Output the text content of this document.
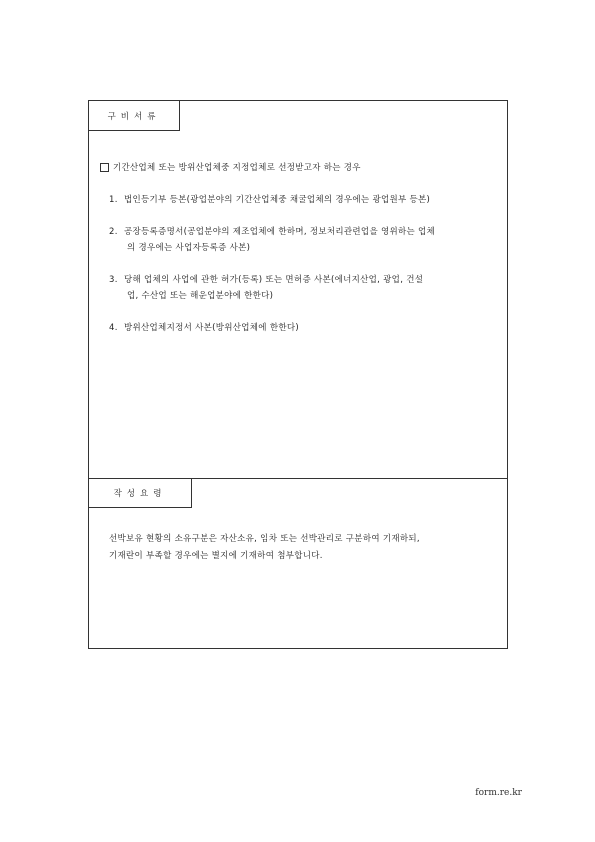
구비서류
기간산업체 또는 방위산업체중 지정업체로 선정받고자 하는 경우
1. 법인등기부 등본(광업분야의 기간산업체중 채굴업체의 경우에는 광업원부 등본)
2. 공장등록증명서(공업분야의 제조업체에 한하며, 정보처리관련업을 영위하는 업체
의 경우에는 사업자등록증 사본)
3. 당해 업체의 사업에 관한 허가(등록) 또는 면허증 사본(에너지산업, 광업, 건설
업, 수산업 또는 해운업분야에 한한다)
4. 방위산업체지정서 사본(방위산업체에 한한다)
작성요령
선박보유 현황의 소유구분은 자산소유, 임차 또는 선박관리로 구분하여 기재하되,
기재란이 부족할 경우에는 별지에 기재하여 첨부합니다.
form.re.kr
